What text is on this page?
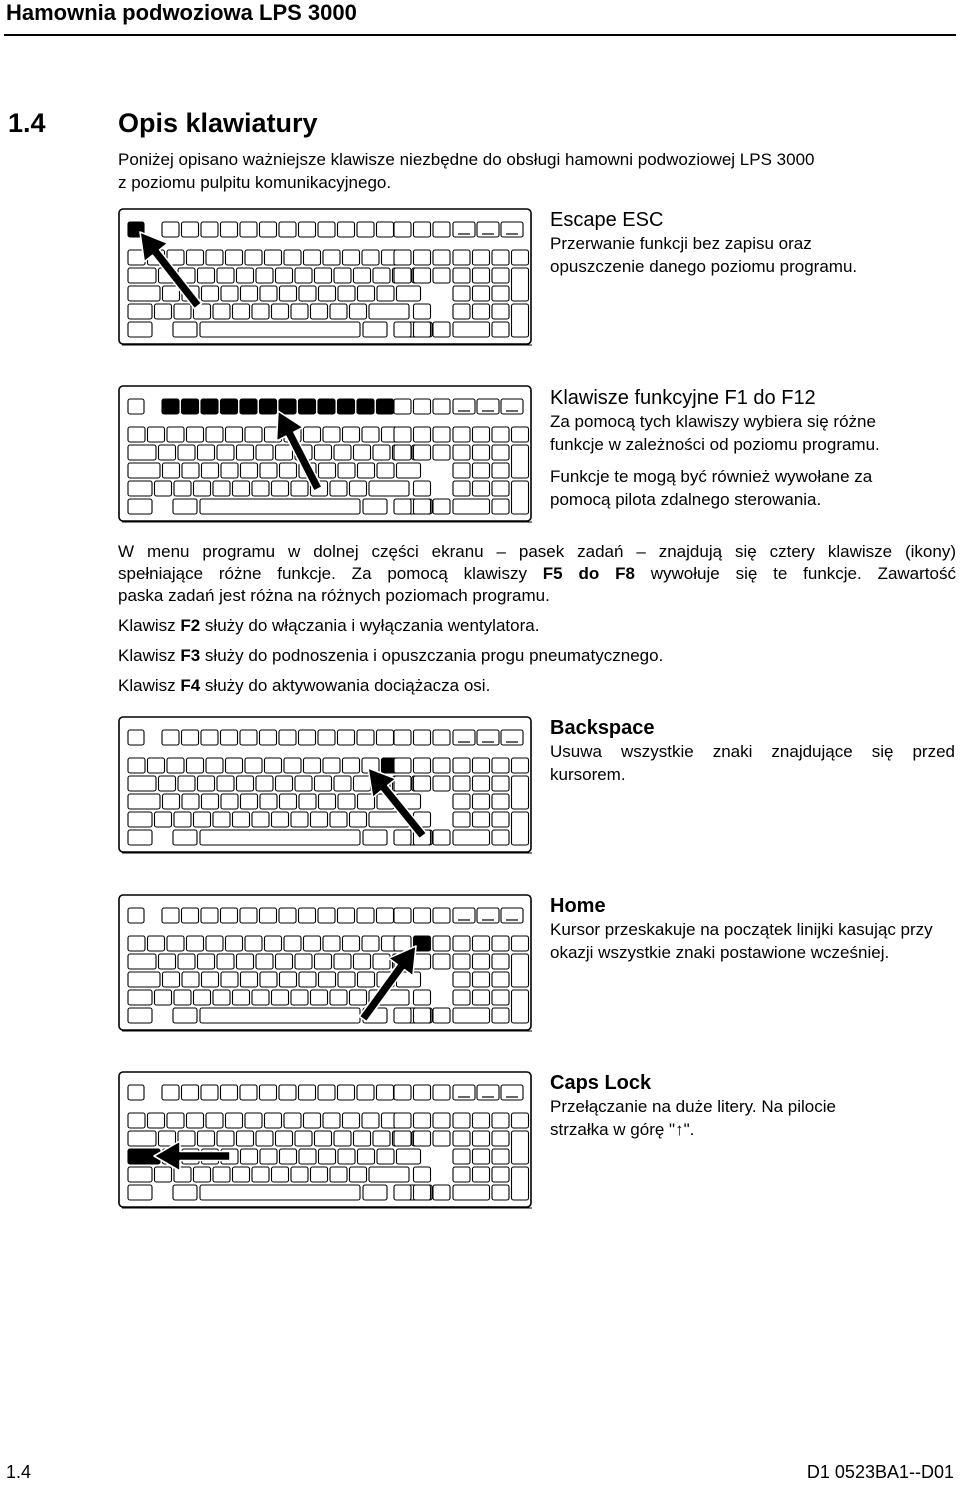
Hamownia podwoziowa LPS 3000
1.4	Opis klawiatury
Poniżej opisano ważniejsze klawisze niezbędne do obsługi hamowni podwoziowej LPS 3000
z poziomu pulpitu komunikacyjnego.
Escape ESC

Przerwanie funkcji bez zapisu oraz
opuszczenie danego poziomu programu.

Klawisze funkcyjne F1 do F12

Za pomocą tych klawiszy wybiera się różne
funkcje w zależności od poziomu programu.

Funkcje te mogą być również wywołane za
pomocą pilota zdalnego sterowania.

W menu programu w dolnej części ekranu – pasek zadań – znajdują się cztery klawisze (ikony)

spełniające różne funkcje. Za pomocą klawiszy F5 do F8 wywołuje się te funkcje. Zawartość

paska zadań jest różna na różnych poziomach programu.

Klawisz F2 służy do włączania i wyłączania wentylatora.

Klawisz F3 służy do podnoszenia i opuszczania progu pneumatycznego.

Klawisz F4 służy do aktywowania dociążacza osi.

Backspace

Usuwa wszystkie znaki znajdujące się przed kursorem.

Home

Kursor przeskakuje na początek linijki kasując przy okazji wszystkie znaki postawione wcześniej.

Caps Lock

Przełączanie na duże litery. Na pilocie
strzałka w górę "↑".

1.4	D1 0523BA1--D01
